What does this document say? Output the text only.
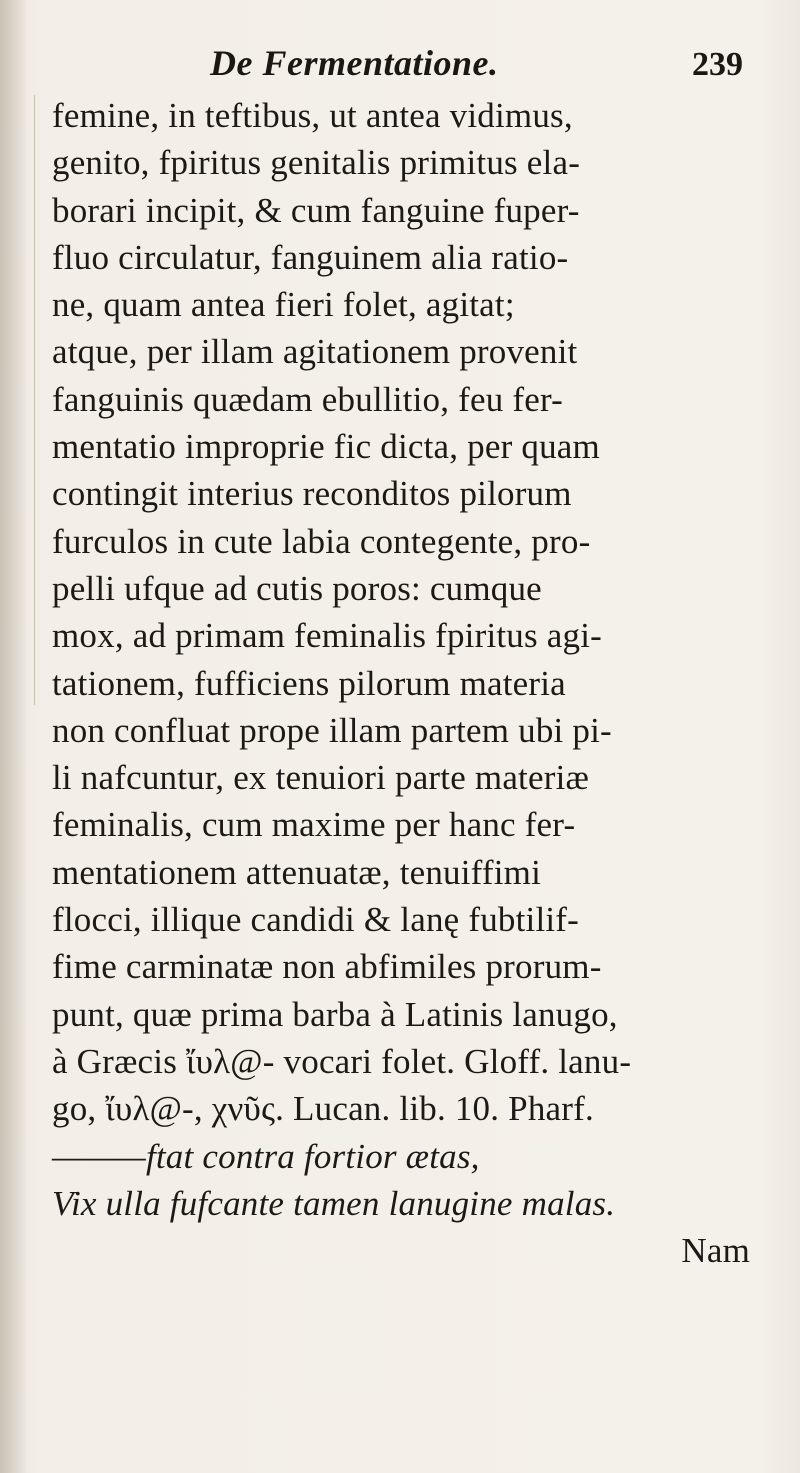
De Fermentatione.	239
femine, in teftibus, ut antea vidimus,
genito, fpiritus genitalis primitus ela-
borari incipit, & cum fanguine fuper-
fluo circulatur, fanguinem alia ratio-
ne, quam antea fieri folet, agitat;
atque, per illam agitationem provenit
fanguinis quædam ebullitio, feu fer-
mentatio improprie fic dicta, per quam
contingit interius reconditos pilorum
furculos in cute labia contegente, pro-
pelli ufque ad cutis poros: cumque
mox, ad primam feminalis fpiritus agi-
tationem, fufficiens pilorum materia
non confluat prope illam partem ubi pi-
li nafcuntur, ex tenuiori parte materiæ
feminalis, cum maxime per hanc fer-
mentationem attenuatæ, tenuiffimi
flocci, illique candidi & lanę fubtilif-
fime carminatæ non abfimiles prorum-
punt, quæ prima barba à Latinis lanugo,
à Græcis ἴυλ@- vocari folet. Gloff. lanu-
go, ἴυλ@-, χνῦς. Lucan. lib. 10. Pharf.
———ftat contra fortior ætas,
Vix ulla fufcante tamen lanugine malas.
Nam
